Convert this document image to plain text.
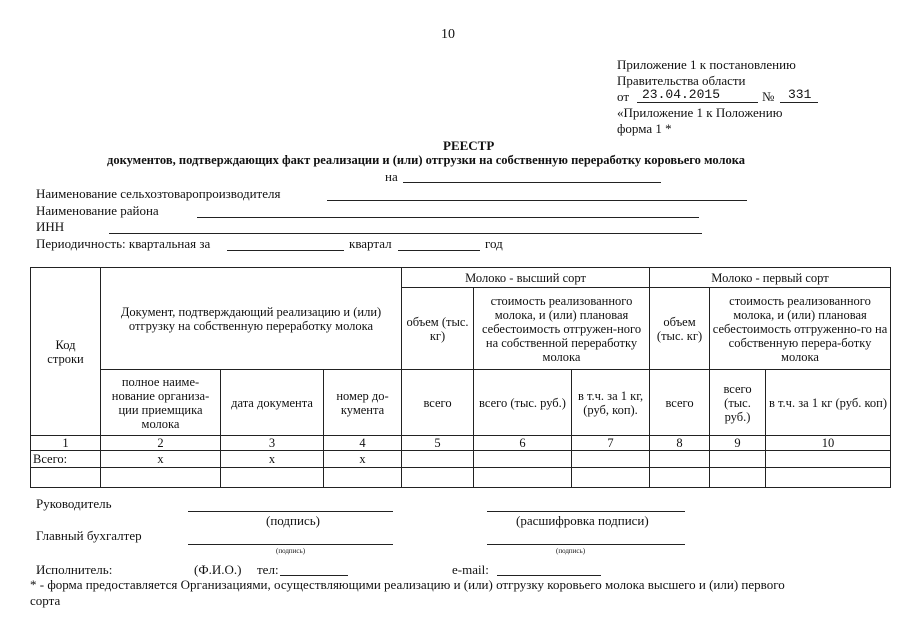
10
Приложение 1 к постановлению
Правительства области
от 23.04.2015	№ 331
«Приложение 1 к Положению
форма 1 *
РЕЕСТР
документов, подтверждающих факт реализации и (или) отгрузки на собственную переработку коровьего молока
на
Наименование сельхозтоваропроизводителя
Наименование района
ИНН
Периодичность: квартальная за	квартал	год
Код строки	Документ, подтверждающий реализацию и (или) отгрузку на собственную переработку молока			Молоко - высший сорт			Молоко - первый сорт		
				объем (тыс. кг)	стоимость реализованного молока, и (или) плановая себестоимость отгружен-ного на собственной переработку молока		объем (тыс. кг)	стоимость реализованного молока, и (или) плановая себестоимость отгруженно-го на собственную перера-ботку молока	
	полное наиме-нование организа-ции приемщика молока	дата документа	номер до-кумента	всего	всего (тыс. руб.)	в т.ч. за 1 кг, (руб, коп).	всего	всего (тыс. руб.)	в т.ч. за 1 кг (руб. коп)
1	2	3	4	5	6	7	8	9	10
Всего:	x	x	x						

Руководитель
(подпись)	(расшифровка подписи)
Главный бухгалтер
(подпись)	(подпись)
Исполнитель:	(Ф.И.О.) тел:	e-mail:
* - форма предоставляется Организациями, осуществляющими реализацию и (или) отгрузку коровьего молока высшего и (или) первого
сорта
